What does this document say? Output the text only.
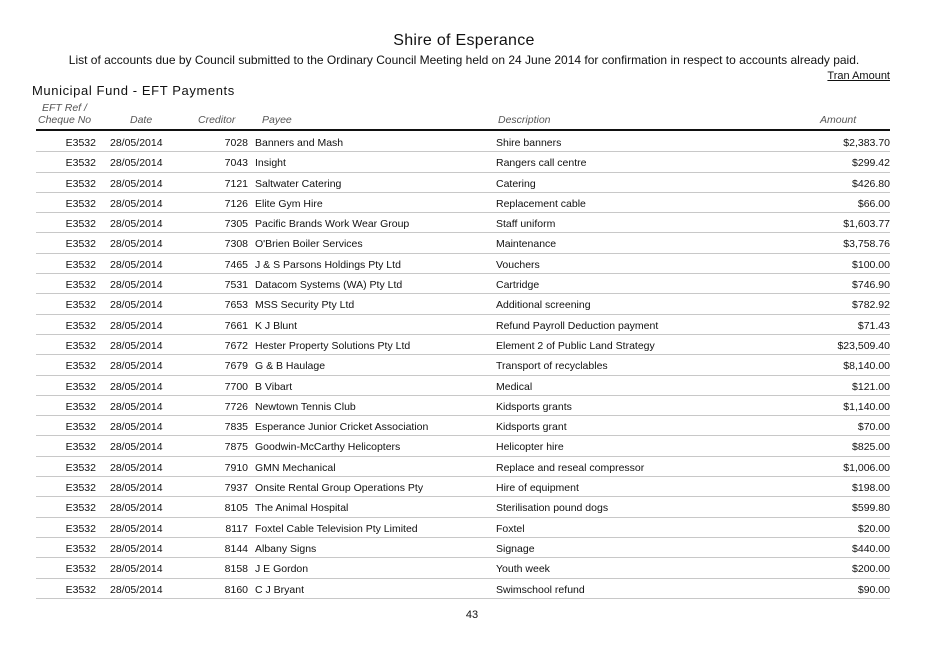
Shire of Esperance
List of accounts due by Council submitted to the Ordinary Council Meeting held on 24 June 2014 for confirmation in respect to accounts already paid.
Tran Amount
Municipal Fund - EFT Payments
EFT Ref /
Cheque No	Date	Creditor	Payee	Description	Amount
E3532 28/05/2014	7028 Banners and Mash	Shire banners	$2,383.70
E3532 28/05/2014	7043 Insight	Rangers call centre	$299.42
E3532 28/05/2014	7121 Saltwater Catering	Catering	$426.80
E3532 28/05/2014	7126 Elite Gym Hire	Replacement cable	$66.00
E3532 28/05/2014	7305 Pacific Brands Work Wear Group	Staff uniform	$1,603.77
E3532 28/05/2014	7308 O'Brien Boiler Services	Maintenance	$3,758.76
E3532 28/05/2014	7465 J & S Parsons Holdings Pty Ltd	Vouchers	$100.00
E3532 28/05/2014	7531 Datacom Systems (WA) Pty Ltd	Cartridge	$746.90
E3532 28/05/2014	7653 MSS Security Pty Ltd	Additional screening	$782.92
E3532 28/05/2014	7661 K J Blunt	Refund Payroll Deduction payment	$71.43
E3532 28/05/2014	7672 Hester Property Solutions Pty Ltd	Element 2 of Public Land Strategy	$23,509.40
E3532 28/05/2014	7679 G & B Haulage	Transport of recyclables	$8,140.00
E3532 28/05/2014	7700 B Vibart	Medical	$121.00
E3532 28/05/2014	7726 Newtown Tennis Club	Kidsports grants	$1,140.00
E3532 28/05/2014	7835 Esperance Junior Cricket Association	Kidsports grant	$70.00
E3532 28/05/2014	7875 Goodwin-McCarthy Helicopters	Helicopter hire	$825.00
E3532 28/05/2014	7910 GMN Mechanical	Replace and reseal compressor	$1,006.00
E3532 28/05/2014	7937 Onsite Rental Group Operations Pty	Hire of equipment	$198.00
E3532 28/05/2014	8105 The Animal Hospital	Sterilisation pound dogs	$599.80
E3532 28/05/2014	8117 Foxtel Cable Television Pty Limited	Foxtel	$20.00
E3532 28/05/2014	8144 Albany Signs	Signage	$440.00
E3532 28/05/2014	8158 J E Gordon	Youth week	$200.00
E3532 28/05/2014	8160 C J Bryant	Swimschool refund	$90.00
43
